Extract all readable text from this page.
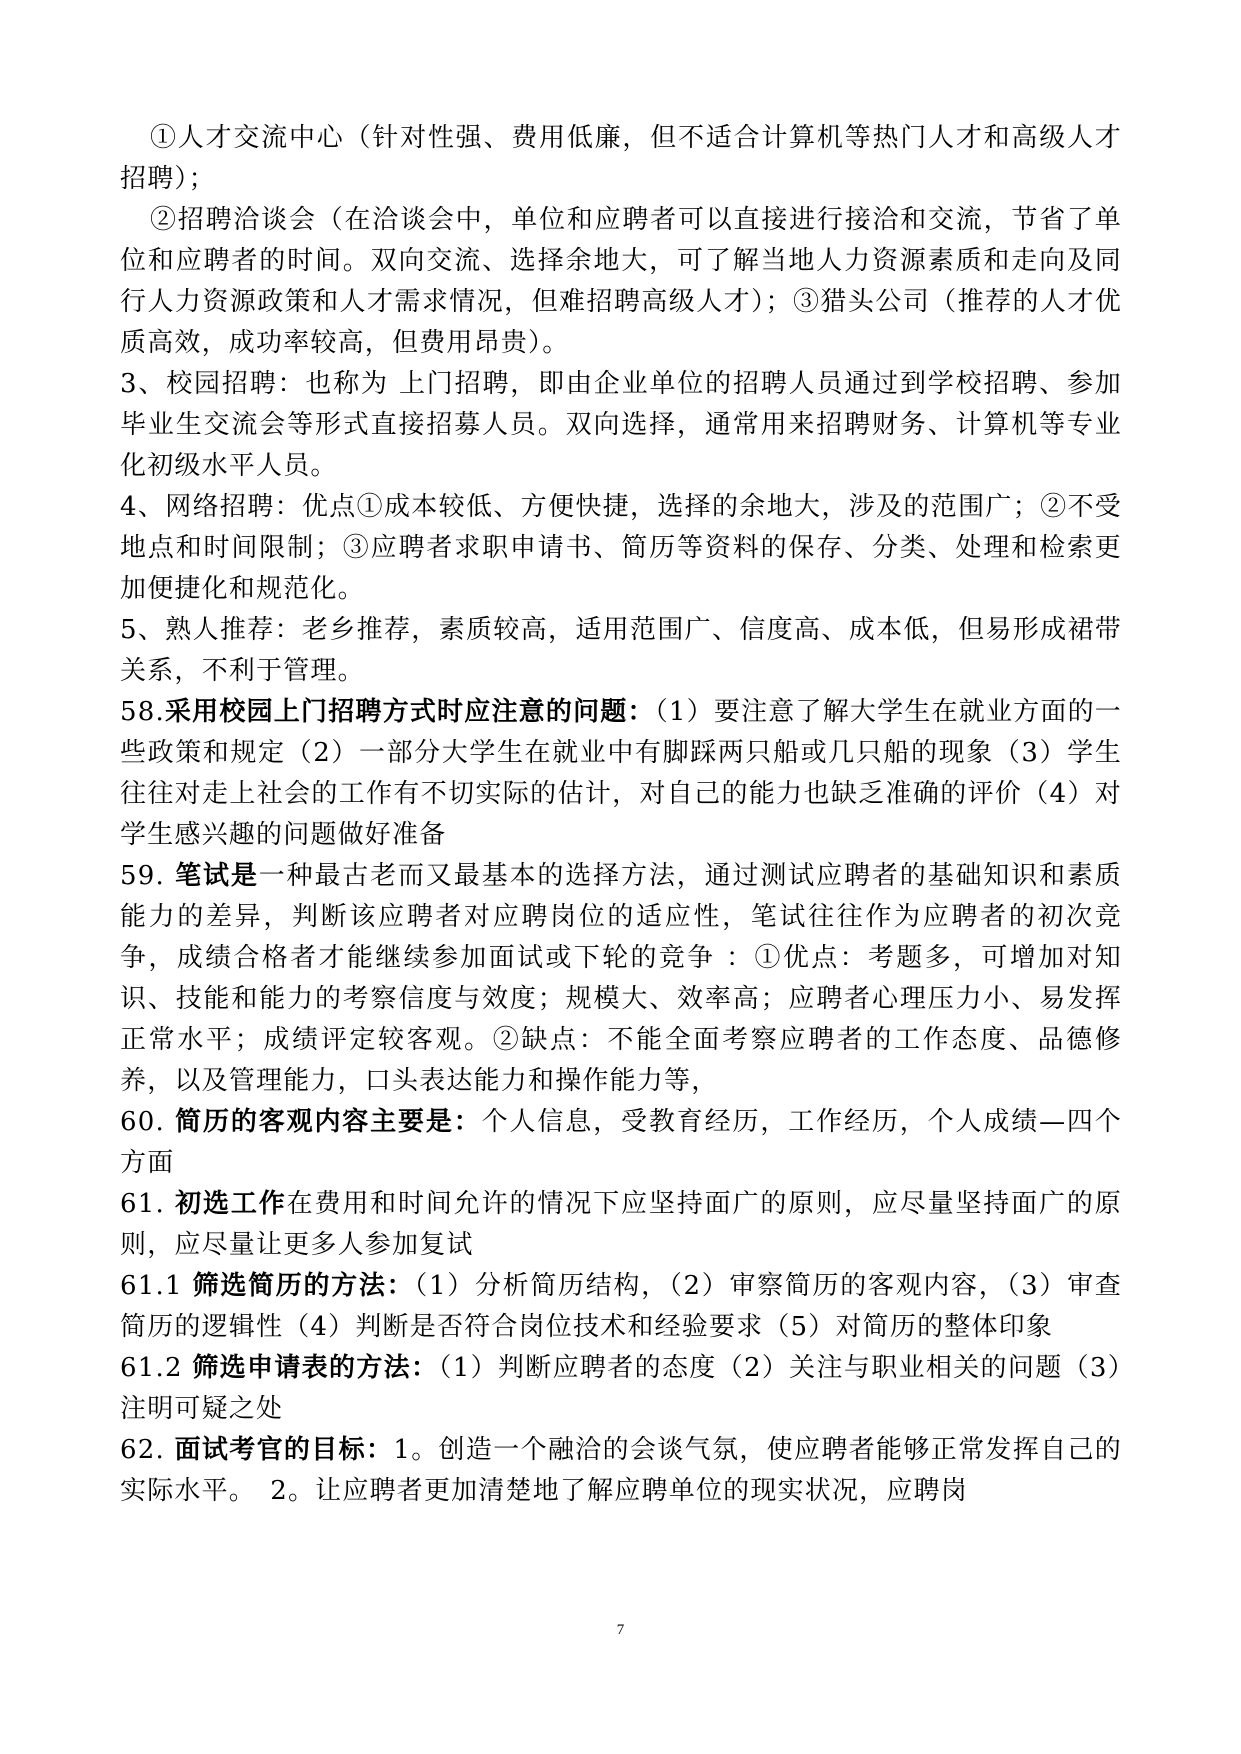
①人才交流中心（针对性强、费用低廉，但不适合计算机等热门人才和高级人才招聘）；

②招聘洽谈会（在洽谈会中，单位和应聘者可以直接进行接洽和交流，节省了单位和应聘者的时间。双向交流、选择余地大，可了解当地人力资源素质和走向及同行人力资源政策和人才需求情况，但难招聘高级人才）；③猎头公司（推荐的人才优质高效，成功率较高，但费用昂贵）。

3、校园招聘：也称为 上门招聘，即由企业单位的招聘人员通过到学校招聘、参加毕业生交流会等形式直接招募人员。双向选择，通常用来招聘财务、计算机等专业化初级水平人员。

4、网络招聘：优点①成本较低、方便快捷，选择的余地大，涉及的范围广；②不受地点和时间限制；③应聘者求职申请书、简历等资料的保存、分类、处理和检索更加便捷化和规范化。

5、熟人推荐：老乡推荐，素质较高，适用范围广、信度高、成本低，但易形成裙带关系，不利于管理。

58.采用校园上门招聘方式时应注意的问题：（1）要注意了解大学生在就业方面的一些政策和规定（2）一部分大学生在就业中有脚踩两只船或几只船的现象（3）学生往往对走上社会的工作有不切实际的估计，对自己的能力也缺乏准确的评价（4）对学生感兴趣的问题做好准备

59. 笔试是一种最古老而又最基本的选择方法，通过测试应聘者的基础知识和素质能力的差异，判断该应聘者对应聘岗位的适应性，笔试往往作为应聘者的初次竞争，成绩合格者才能继续参加面试或下轮的竞争 ：①优点：考题多，可增加对知识、技能和能力的考察信度与效度；规模大、效率高；应聘者心理压力小、易发挥正常水平；成绩评定较客观。②缺点：不能全面考察应聘者的工作态度、品德修养，以及管理能力，口头表达能力和操作能力等，

60. 简历的客观内容主要是：个人信息，受教育经历，工作经历，个人成绩—四个方面

61. 初选工作在费用和时间允许的情况下应坚持面广的原则，应尽量坚持面广的原则，应尽量让更多人参加复试

61.1 筛选简历的方法：（1）分析简历结构，（2）审察简历的客观内容，（3）审查简历的逻辑性（4）判断是否符合岗位技术和经验要求（5）对简历的整体印象

61.2 筛选申请表的方法：（1）判断应聘者的态度（2）关注与职业相关的问题（3）注明可疑之处

62. 面试考官的目标：1。创造一个融洽的会谈气氛，使应聘者能够正常发挥自己的实际水平。　2。让应聘者更加清楚地了解应聘单位的现实状况，应聘岗

7
